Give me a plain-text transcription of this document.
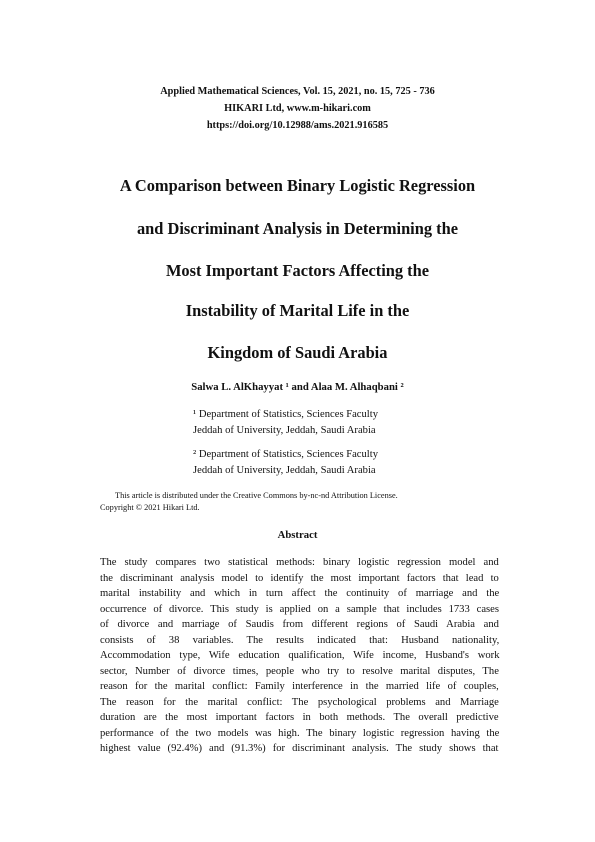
Applied Mathematical Sciences, Vol. 15, 2021, no. 15, 725 - 736
HIKARI Ltd, www.m-hikari.com
https://doi.org/10.12988/ams.2021.916585
A Comparison between Binary Logistic Regression
and Discriminant Analysis in Determining the
Most Important Factors Affecting the
Instability of Marital Life in the
Kingdom of Saudi Arabia
Salwa L. AlKhayyat ¹ and Alaa M. Alhaqbani ²
¹ Department of Statistics, Sciences Faculty
Jeddah of University, Jeddah, Saudi Arabia
² Department of Statistics, Sciences Faculty
Jeddah of University, Jeddah, Saudi Arabia
This article is distributed under the Creative Commons by-nc-nd Attribution License.
Copyright © 2021 Hikari Ltd.
Abstract
The study compares two statistical methods: binary logistic regression model and
the discriminant analysis model to identify the most important factors that lead to
marital instability and which in turn affect the continuity of marriage and the
occurrence of divorce. This study is applied on a sample that includes 1733 cases
of divorce and marriage of Saudis from different regions of Saudi Arabia and
consists of 38 variables. The results indicated that: Husband nationality,
Accommodation type, Wife education qualification, Wife income, Husband's work
sector, Number of divorce times, people who try to resolve marital disputes, The
reason for the marital conflict: Family interference in the married life of couples,
The reason for the marital conflict: The psychological problems and Marriage
duration are the most important factors in both methods. The overall predictive
performance of the two models was high. The binary logistic regression having the
highest value (92.4%) and (91.3%) for discriminant analysis. The study shows that
